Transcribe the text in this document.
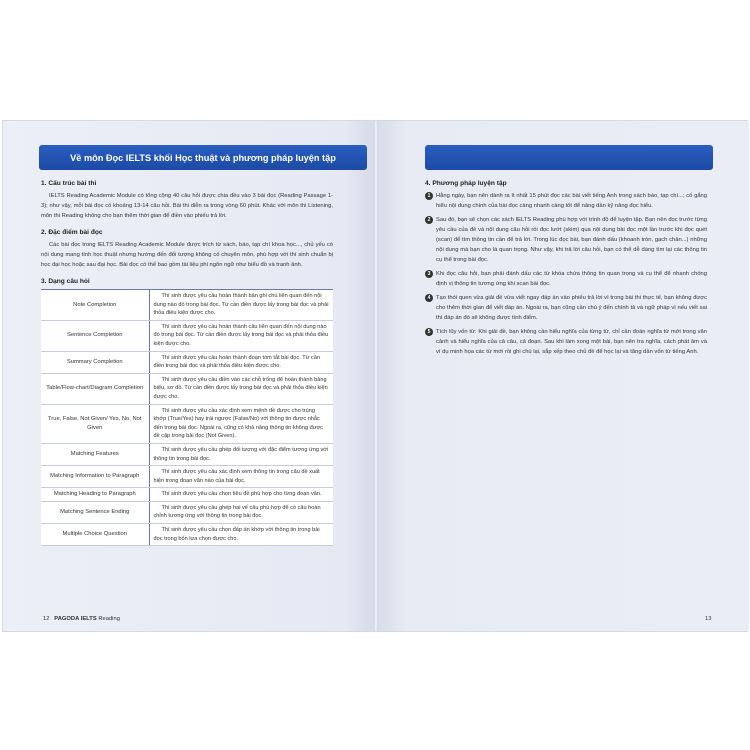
Về môn Đọc IELTS khối Học thuật và phương pháp luyện tập
1. Cấu trúc bài thi
IELTS Reading Academic Module có tổng cộng 40 câu hỏi được chia đều vào 3 bài đọc (Reading Passage 1-3); như vậy, mỗi bài đọc có khoảng 13-14 câu hỏi. Bài thi diễn ra trong vòng 60 phút. Khác với môn thi Listening, môn thi Reading không cho bạn thêm thời gian để điền vào phiếu trả lời.
2. Đặc điểm bài đọc
Các bài đọc trong IELTS Reading Academic Module được trích từ sách, báo, tạp chí khoa học..., chủ yếu có nội dung mang tính học thuật nhưng hướng đến đối tượng không có chuyên môn, phù hợp với thí sinh chuẩn bị học đại học hoặc sau đại học. Bài đọc có thể bao gồm tài liệu phi ngôn ngữ như biểu đồ và tranh ảnh.
3. Dạng câu hỏi
Note Completion	Thí sinh được yêu cầu hoàn thành bản ghi chú liên quan đến nội dung nào đó trong bài đọc. Từ cần điền được lấy trong bài đọc và phải thỏa điều kiện được cho.
Sentence Completion	Thí sinh được yêu cầu hoàn thành câu liên quan đến nội dung nào đó trong bài đọc. Từ cần điền được lấy trong bài đọc và phải thỏa điều kiện được cho.
Summary Completion	Thí sinh được yêu cầu hoàn thành đoạn tóm tắt bài đọc. Từ cần điền trong bài đọc và phải thỏa điều kiện được cho.
Table/Flow-chart/Diagram Completion	Thí sinh được yêu cầu điền vào các chỗ trống để hoàn thành bảng biểu, sơ đồ. Từ cần điền được lấy trong bài đọc và phải thỏa điều kiện được cho.
True, False, Not Given/ Yes, No, Not Given	Thí sinh được yêu cầu xác định xem mệnh đề được cho trùng khớp (True/Yes) hay trái ngược (False/No) với thông tin được nhắc đến trong bài đọc. Ngoài ra, cũng có khả năng thông tin không được đề cập trong bài đọc (Not Given).
Matching Features	Thí sinh được yêu cầu ghép đối tượng với đặc điểm tương ứng với thông tin trong bài đọc.
Matching Information to Paragraph	Thí sinh được yêu cầu xác định xem thông tin trong câu đề xuất hiện trong đoạn văn nào của bài đọc.
Matching Heading to Paragraph	Thí sinh được yêu cầu chọn tiêu đề phù hợp cho từng đoạn văn.
Matching Sentence Ending	Thí sinh được yêu cầu ghép hai vế câu phù hợp để có câu hoàn chỉnh tương ứng với thông tin trong bài đọc.
Multiple Choice Question	Thí sinh được yêu cầu chọn đáp án khớp với thông tin trong bài đọc trong bốn lựa chọn được cho.
12 PAGODA IELTS Reading
4. Phương pháp luyện tập
1 Hằng ngày, bạn nên dành ra ít nhất 15 phút đọc các bài viết tiếng Anh trong sách báo, tạp chí...; cố gắng hiểu nội dung chính của bài đọc càng nhanh càng tốt để nâng dần kỹ năng đọc hiểu.
2 Sau đó, bạn sẽ chọn các sách IELTS Reading phù hợp với trình độ để luyện tập. Bạn nên đọc trước từng yêu cầu của đề và nội dung câu hỏi rồi đọc lướt (skim) qua nội dung bài đọc một lần trước khi đọc quét (scan) để tìm thông tin cần để trả lời. Trong lúc đọc bài, bạn đánh dấu (khoanh tròn, gạch chân...) những nội dung mà bạn cho là quan trọng. Như vậy, khi trả lời câu hỏi, bạn có thể dễ dàng tìm lại các thông tin cụ thể trong bài đọc.
3 Khi đọc câu hỏi, bạn phải đánh dấu các từ khóa chứa thông tin quan trọng và cụ thể để nhanh chóng định vị thông tin tương ứng khi scan bài đọc.
4 Tạo thói quen vừa giải đề vừa viết ngay đáp án vào phiếu trả lời vì trong bài thi thực tế, bạn không được cho thêm thời gian để viết đáp án. Ngoài ra, bạn cũng cần chú ý đến chính tả và ngữ pháp vì nếu viết sai thì đáp án đó sẽ không được tính điểm.
5 Tích lũy vốn từ: Khi giải đề, bạn không cần hiểu nghĩa của từng từ, chỉ cần đoán nghĩa từ mới trong văn cảnh và hiểu nghĩa của cả câu, cả đoạn. Sau khi làm xong một bài, bạn nên tra nghĩa, cách phát âm và ví dụ minh họa các từ mới rồi ghi chú lại, sắp xếp theo chủ đề để học lại và tăng dần vốn từ tiếng Anh.
13
